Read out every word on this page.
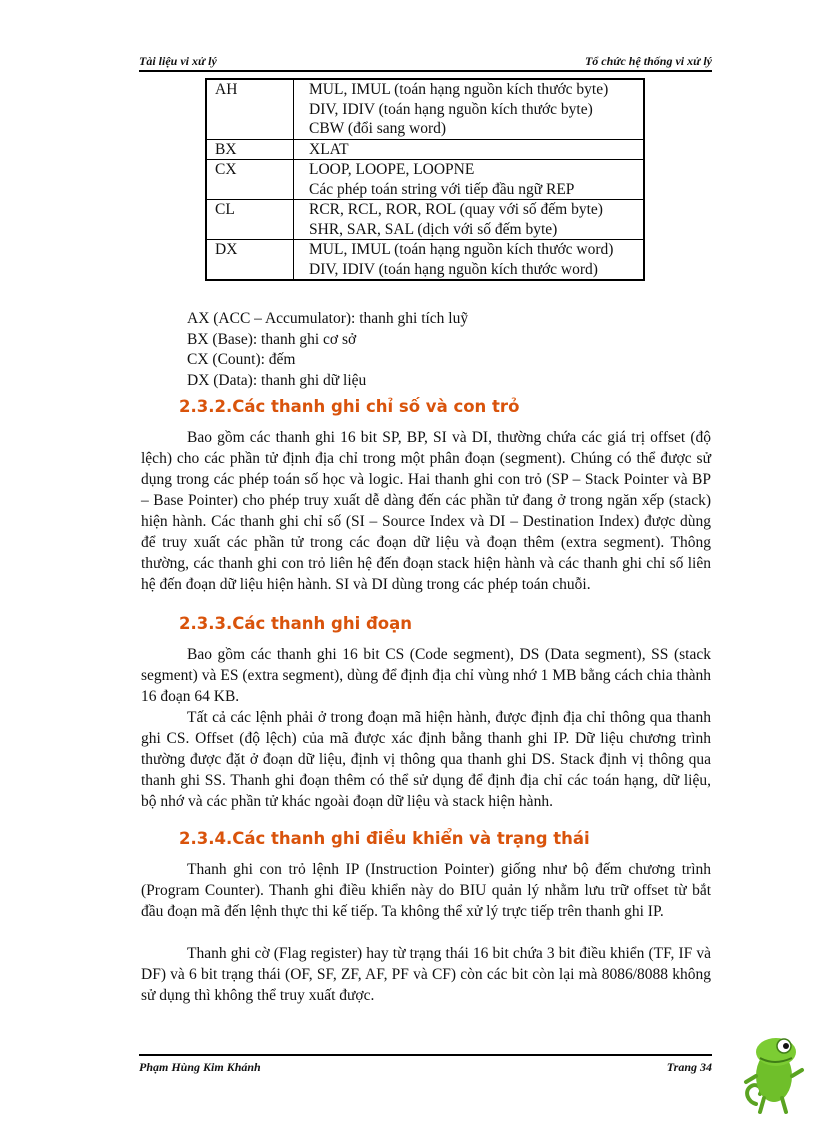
Tài liệu vi xử lý	Tổ chức hệ thống vi xử lý
AH	MUL, IMUL (toán hạng nguồn kích thước byte)
DIV, IDIV (toán hạng nguồn kích thước byte)
CBW (đổi sang word)

BX	XLAT

CX	LOOP, LOOPE, LOOPNE
Các phép toán string với tiếp đầu ngữ REP

CL	RCR, RCL, ROR, ROL (quay với số đếm byte)
SHR, SAR, SAL (dịch với số đếm byte)

DX	MUL, IMUL (toán hạng nguồn kích thước word)
DIV, IDIV (toán hạng nguồn kích thước word)
AX (ACC – Accumulator): thanh ghi tích luỹ
BX (Base): thanh ghi cơ sở
CX (Count): đếm
DX (Data): thanh ghi dữ liệu
2.3.2.Các thanh ghi chỉ số và con trỏ

Bao gồm các thanh ghi 16 bit SP, BP, SI và DI, thường chứa các giá trị offset (độ lệch) cho các phần tử định địa chỉ trong một phân đoạn (segment). Chúng có thể được sử dụng trong các phép toán số học và logic. Hai thanh ghi con trỏ (SP – Stack Pointer và BP – Base Pointer) cho phép truy xuất dễ dàng đến các phần tử đang ở trong ngăn xếp (stack) hiện hành. Các thanh ghi chỉ số (SI – Source Index và DI – Destination Index) được dùng để truy xuất các phần tử trong các đoạn dữ liệu và đoạn thêm (extra segment). Thông thường, các thanh ghi con trỏ liên hệ đến đoạn stack hiện hành và các thanh ghi chỉ số liên hệ đến đoạn dữ liệu hiện hành. SI và DI dùng trong các phép toán chuỗi.

2.3.3.Các thanh ghi đoạn

Bao gồm các thanh ghi 16 bit CS (Code segment), DS (Data segment), SS (stack segment) và ES (extra segment), dùng để định địa chỉ vùng nhớ 1 MB bằng cách chia thành 16 đoạn 64 KB.

Tất cả các lệnh phải ở trong đoạn mã hiện hành, được định địa chỉ thông qua thanh ghi CS. Offset (độ lệch) của mã được xác định bằng thanh ghi IP. Dữ liệu chương trình thường được đặt ở đoạn dữ liệu, định vị thông qua thanh ghi DS. Stack định vị thông qua thanh ghi SS. Thanh ghi đoạn thêm có thể sử dụng để định địa chỉ các toán hạng, dữ liệu, bộ nhớ và các phần tử khác ngoài đoạn dữ liệu và stack hiện hành.

2.3.4.Các thanh ghi điều khiển và trạng thái

Thanh ghi con trỏ lệnh IP (Instruction Pointer) giống như bộ đếm chương trình (Program Counter). Thanh ghi điều khiển này do BIU quản lý nhằm lưu trữ offset từ bắt đầu đoạn mã đến lệnh thực thi kế tiếp. Ta không thể xử lý trực tiếp trên thanh ghi IP.

Thanh ghi cờ (Flag register) hay từ trạng thái 16 bit chứa 3 bit điều khiển (TF, IF và DF) và 6 bit trạng thái (OF, SF, ZF, AF, PF và CF) còn các bit còn lại mà 8086/8088 không sử dụng thì không thể truy xuất được.

Phạm Hùng Kim Khánh	Trang 34
